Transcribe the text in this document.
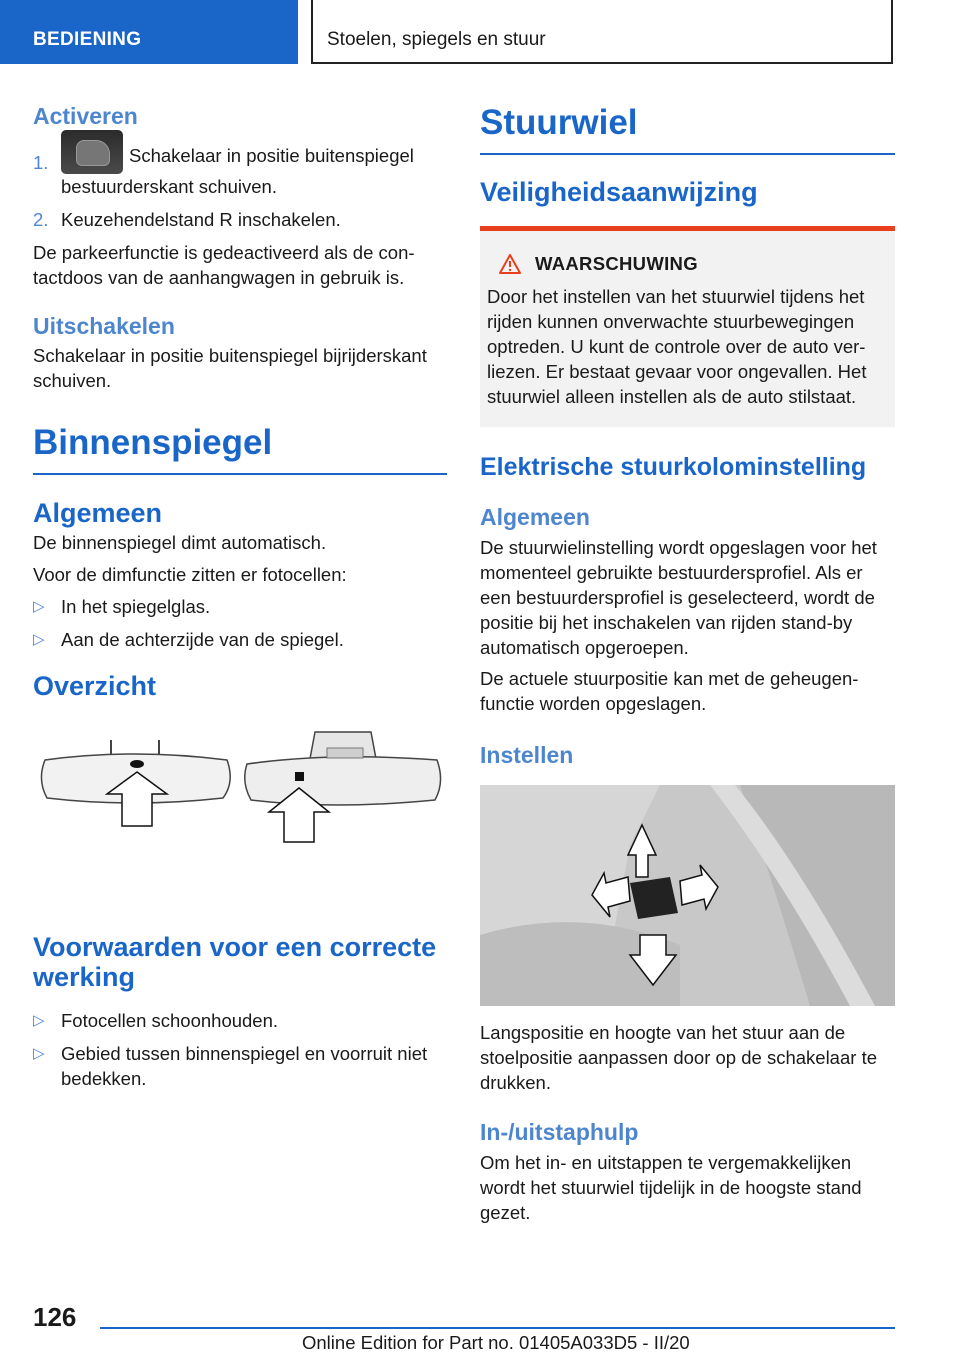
BEDIENING	Stoelen, spiegels en stuur
Activeren
1.	Schakelaar in positie buitenspiegel bestuurderskant schuiven.
2. Keuzehendelstand R inschakelen.

De parkeerfunctie is gedeactiveerd als de con-tactdoos van de aanhangwagen in gebruik is.

Uitschakelen

Schakelaar in positie buitenspiegel bijrijderskant schuiven.

Binnenspiegel
Algemeen

De binnenspiegel dimt automatisch.

Voor de dimfunctie zitten er fotocellen:

▷ In het spiegelglas.
▷ Aan de achterzijde van de spiegel.
Overzicht
Voorwaarden voor een correcte werking
▷ Fotocellen schoonhouden.
▷ Gebied tussen binnenspiegel en voorruit niet bedekken.
Stuurwiel
Veiligheidsaanwijzing
WAARSCHUWING

Door het instellen van het stuurwiel tijdens het rijden kunnen onverwachte stuurbewegingen optreden. U kunt de controle over de auto ver-liezen. Er bestaat gevaar voor ongevallen. Het stuurwiel alleen instellen als de auto stilstaat.

Elektrische stuurkolominstelling
Algemeen

De stuurwielinstelling wordt opgeslagen voor het momenteel gebruikte bestuurdersprofiel. Als er een bestuurdersprofiel is geselecteerd, wordt de positie bij het inschakelen van rijden stand-by automatisch opgeroepen.

De actuele stuurpositie kan met de geheugen-functie worden opgeslagen.

Instellen

Langspositie en hoogte van het stuur aan de stoelpositie aanpassen door op de schakelaar te drukken.

In-/uitstaphulp

Om het in- en uitstappen te vergemakkelijken wordt het stuurwiel tijdelijk in de hoogste stand gezet.

126
Online Edition for Part no. 01405A033D5 - II/20
